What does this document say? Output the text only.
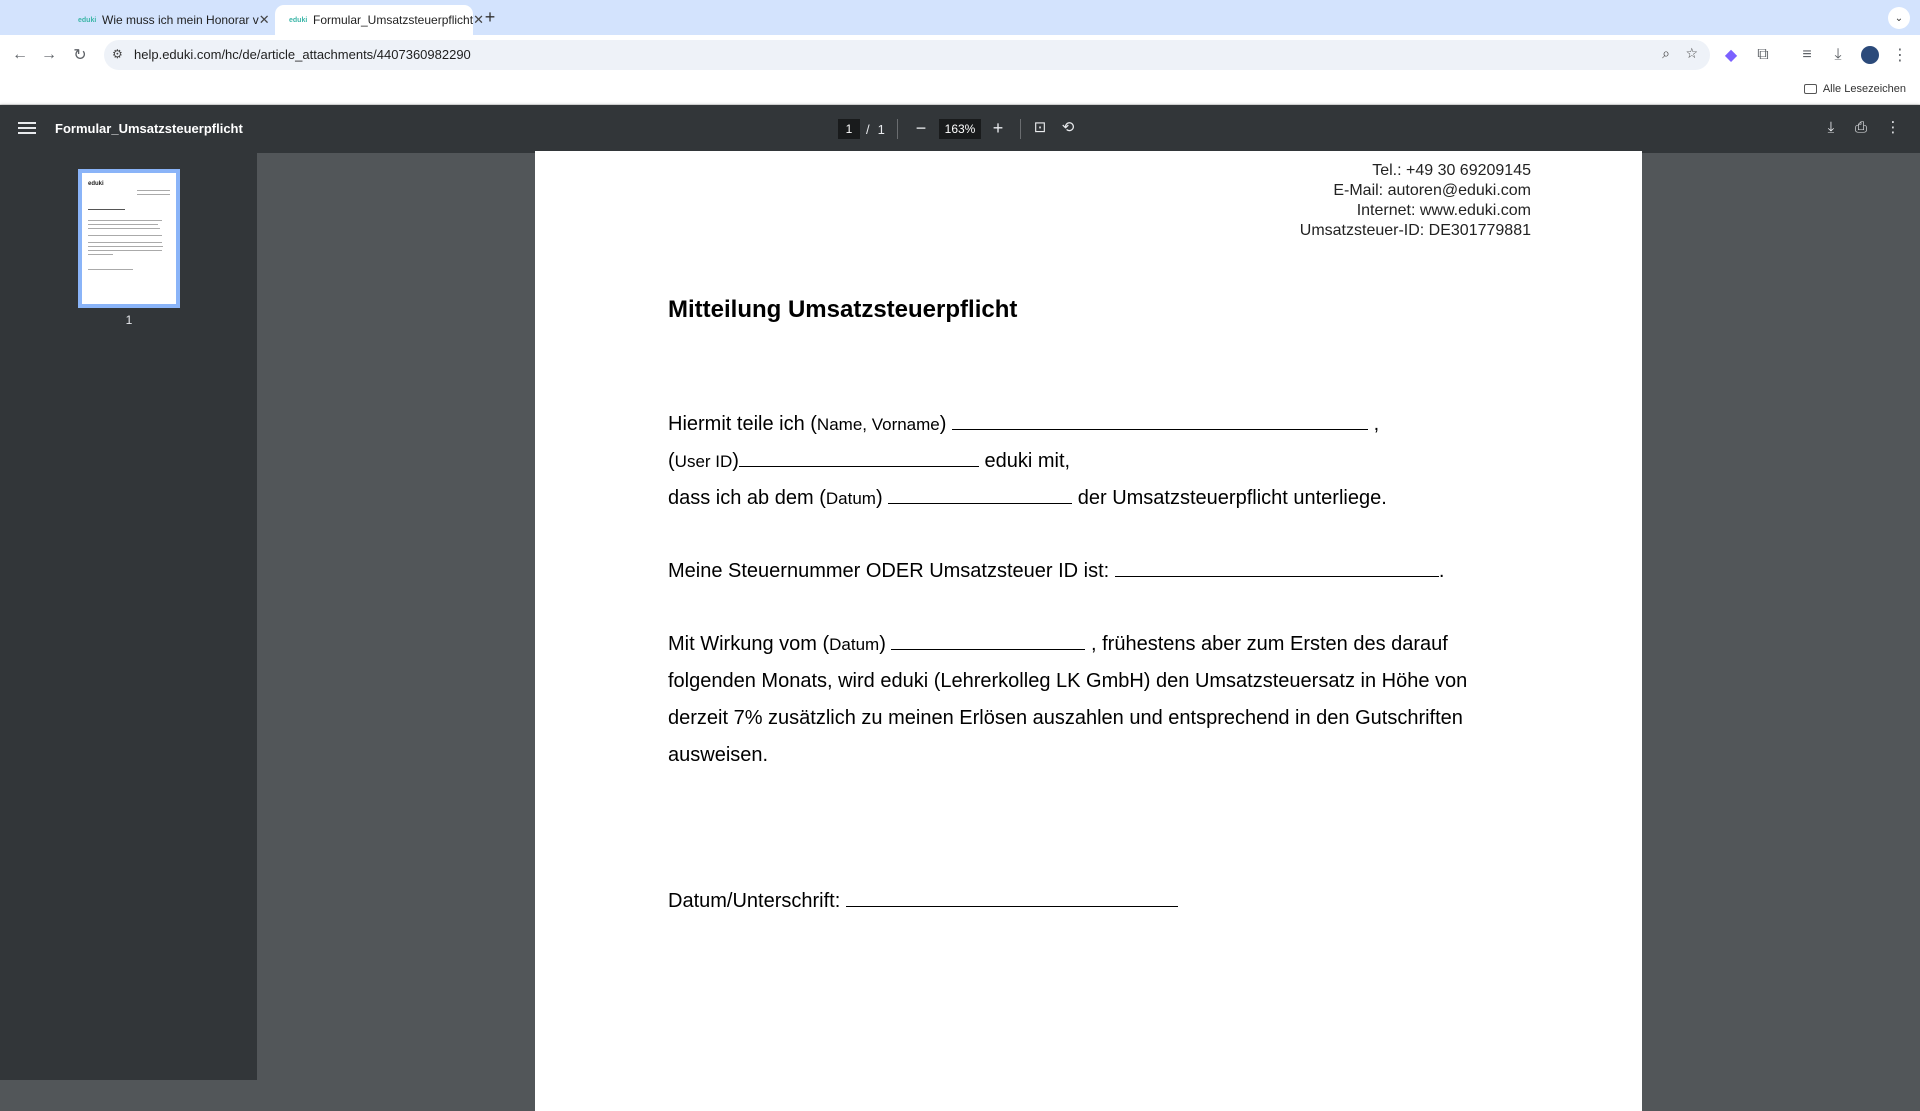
eduki Wie muss ich mein Honorar v ✕	eduki Formular_Umsatzsteuerpflicht ✕ +	⌄
← →	↻	⚙ help.eduki.com/hc/de/article_attachments/4407360982290	⌕ ☆	◆	⧉	≡	⤓	⋮
Alle Lesezeichen
Formular_Umsatzsteuerpflicht	1	/ 1	−	163% +	⊡	⟲	⤓	⎙	⋮
eduki
1
Tel.: +49 30 69209145
E-Mail: autoren@eduki.com
Internet: www.eduki.com
Umsatzsteuer-ID: DE301779881
Mitteilung Umsatzsteuerpflicht
Hiermit teile ich (Name, Vorname)	,
(User ID)	eduki mit,
dass ich ab dem (Datum)	der Umsatzsteuerpflicht unterliege.
Meine Steuernummer ODER Umsatzsteuer ID ist:	.
Mit Wirkung vom (Datum)	, frühestens aber zum Ersten des darauf
folgenden Monats, wird eduki (Lehrerkolleg LK GmbH) den Umsatzsteuersatz in Höhe von
derzeit 7% zusätzlich zu meinen Erlösen auszahlen und entsprechend in den Gutschriften
ausweisen.
Datum/Unterschrift:
